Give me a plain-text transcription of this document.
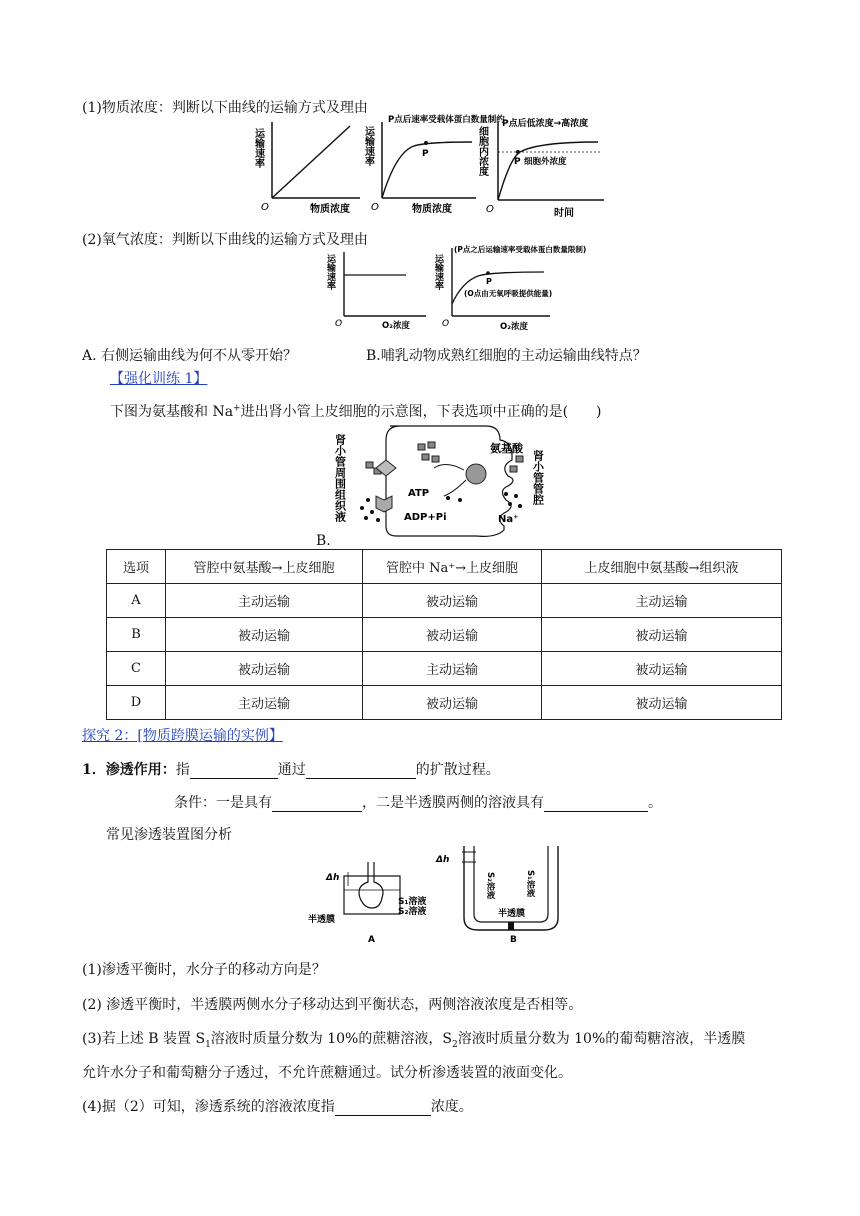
(1)物质浓度：判断以下曲线的运输方式及理由
运输速率
O	物质浓度
运输速率
P点后速率受载体蛋白数量制约
P
O	物质浓度
细胞内浓度
P点后低浓度→高浓度
P 细胞外浓度
O	时间
(2)氧气浓度：判断以下曲线的运输方式及理由
运输速率
O	O₂浓度
运输速率
(P点之后运输速率受载体蛋白数量限制)
P
(O点由无氧呼吸提供能量)
O	O₂浓度
A. 右侧运输曲线为何不从零开始？	B.哺乳动物成熟红细胞的主动运输曲线特点？
【强化训练 1】
下图为氨基酸和 Na+进出肾小管上皮细胞的示意图，下表选项中正确的是(　　)
肾小管周围组织液	肾小管管腔
氨基酸
ATP
ADP+Pi	Na⁺
B.
选项	管腔中氨基酸→上皮细胞	管腔中 Na⁺→上皮细胞	上皮细胞中氨基酸→组织液
A	主动运输	被动运输	主动运输
B	被动运输	被动运输	被动运输
C	被动运输	主动运输	被动运输
D	主动运输	被动运输	被动运输
探究 2：[物质跨膜运输的实例】
1．渗透作用：指	通过	的扩散过程。
条件：一是具有	，二是半透膜两侧的溶液具有	。
常见渗透装置图分析
Δh
S₁溶液
S₂溶液
半透膜
A
Δh
S₂溶液	S₁溶液
半透膜
B
(1)渗透平衡时，水分子的移动方向是？
(2) 渗透平衡时，半透膜两侧水分子移动达到平衡状态，两侧溶液浓度是否相等。
(3)若上述 B 装置 $S_1$溶液时质量分数为 10%的蔗糖溶液，$S_2$溶液时质量分数为 10%的葡萄糖溶液，半透膜
允许水分子和葡萄糖分子透过，不允许蔗糖通过。试分析渗透装置的液面变化。
(4)据（2）可知，渗透系统的溶液浓度指	浓度。
